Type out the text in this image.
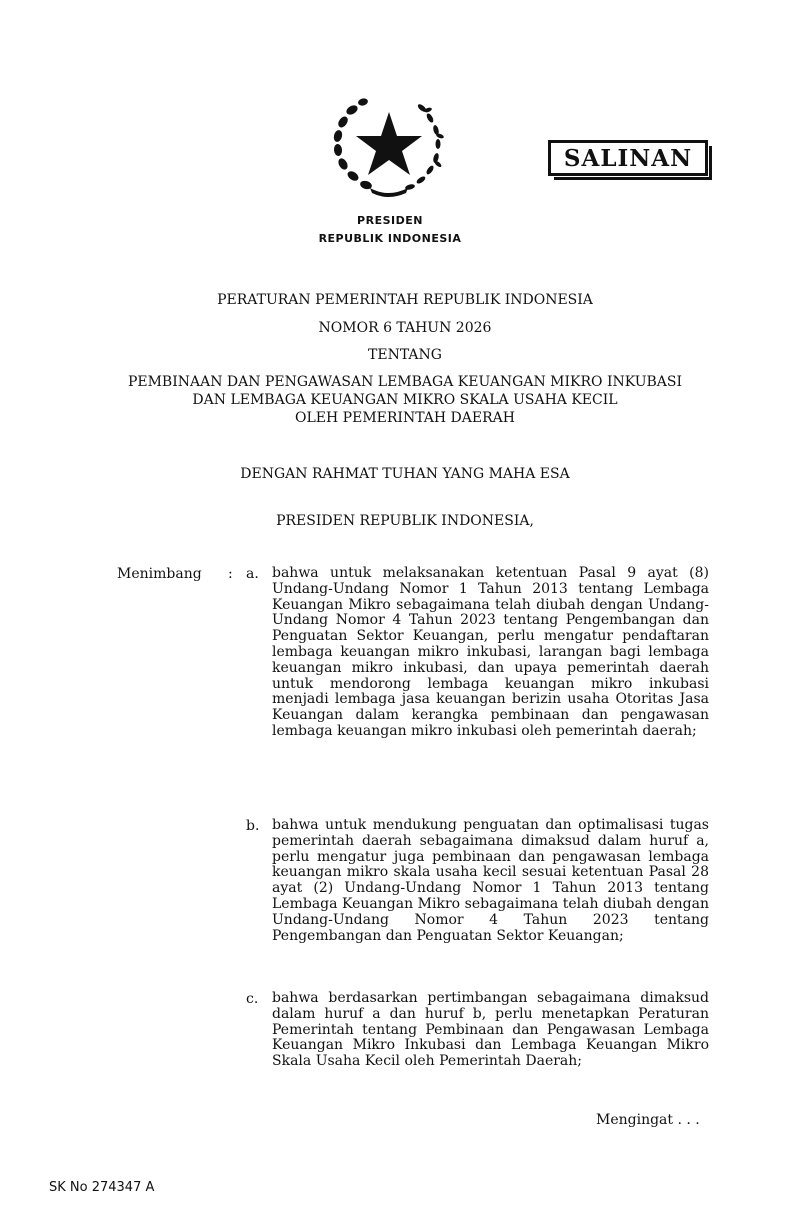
SALINAN
PRESIDEN
REPUBLIK INDONESIA
PERATURAN PEMERINTAH REPUBLIK INDONESIA
NOMOR 6 TAHUN 2026
TENTANG
PEMBINAAN DAN PENGAWASAN LEMBAGA KEUANGAN MIKRO INKUBASI
DAN LEMBAGA KEUANGAN MIKRO SKALA USAHA KECIL
OLEH PEMERINTAH DAERAH
DENGAN RAHMAT TUHAN YANG MAHA ESA
PRESIDEN REPUBLIK INDONESIA,
Menimbang : a. bahwa untuk melaksanakan ketentuan Pasal 9 ayat (8) Undang-Undang Nomor 1 Tahun 2013 tentang Lembaga Keuangan Mikro sebagaimana telah diubah dengan Undang-Undang Nomor 4 Tahun 2023 tentang Pengembangan dan Penguatan Sektor Keuangan, perlu mengatur pendaftaran lembaga keuangan mikro inkubasi, larangan bagi lembaga keuangan mikro inkubasi, dan upaya pemerintah daerah untuk mendorong lembaga keuangan mikro inkubasi menjadi lembaga jasa keuangan berizin usaha Otoritas Jasa Keuangan dalam kerangka pembinaan dan pengawasan lembaga keuangan mikro inkubasi oleh pemerintah daerah;
b. bahwa untuk mendukung penguatan dan optimalisasi tugas pemerintah daerah sebagaimana dimaksud dalam huruf a, perlu mengatur juga pembinaan dan pengawasan lembaga keuangan mikro skala usaha kecil sesuai ketentuan Pasal 28 ayat (2) Undang-Undang Nomor 1 Tahun 2013 tentang Lembaga Keuangan Mikro sebagaimana telah diubah dengan Undang-Undang Nomor 4 Tahun 2023 tentang Pengembangan dan Penguatan Sektor Keuangan;
c. bahwa berdasarkan pertimbangan sebagaimana dimaksud dalam huruf a dan huruf b, perlu menetapkan Peraturan Pemerintah tentang Pembinaan dan Pengawasan Lembaga Keuangan Mikro Inkubasi dan Lembaga Keuangan Mikro Skala Usaha Kecil oleh Pemerintah Daerah;
Mengingat . . .
SK No 274347 A
